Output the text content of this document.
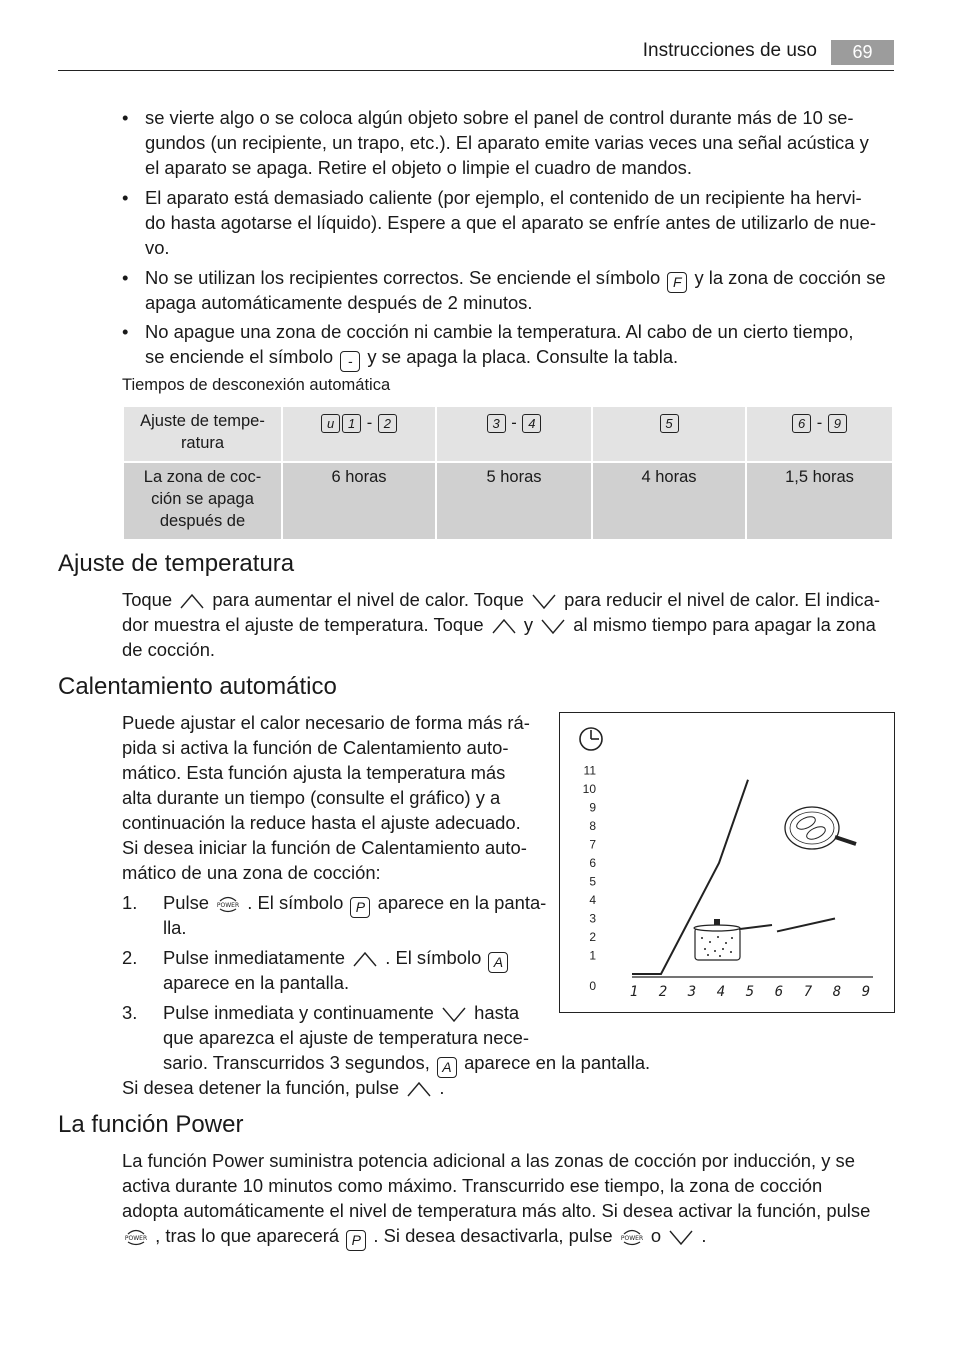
Instrucciones de uso	69
• se vierte algo o se coloca algún objeto sobre el panel de control durante más de 10 se-
gundos (un recipiente, un trapo, etc.). El aparato emite varias veces una señal acústica y
el aparato se apaga. Retire el objeto o limpie el cuadro de mandos.
• El aparato está demasiado caliente (por ejemplo, el contenido de un recipiente ha hervi-
do hasta agotarse el líquido). Espere a que el aparato se enfríe antes de utilizarlo de nue-
vo.
• No se utilizan los recipientes correctos. Se enciende el símbolo F y la zona de cocción se
apaga automáticamente después de 2 minutos.
• No apague una zona de cocción ni cambie la temperatura. Al cabo de un cierto tiempo,
se enciende el símbolo - y se apaga la placa. Consulte la tabla.
Tiempos de desconexión automática
Ajuste de tempe-
ratura	u 1 - 2	3 - 4	5	6 - 9

La zona de coc-
ción se apaga
después de	6 horas	5 horas	4 horas	1,5 horas
Ajuste de temperatura
Toque para aumentar el nivel de calor. Toque para reducir el nivel de calor. El indica-
dor muestra el ajuste de temperatura. Toque y al mismo tiempo para apagar la zona
de cocción.
Calentamiento automático
Puede ajustar el calor necesario de forma más rá-
pida si activa la función de Calentamiento auto-
mático. Esta función ajusta la temperatura más
alta durante un tiempo (consulte el gráfico) y a
continuación la reduce hasta el ajuste adecuado.
Si desea iniciar la función de Calentamiento auto-
mático de una zona de cocción:
1. Pulse POWER . El símbolo P aparece en la panta-
lla.
2. Pulse inmediatamente . El símbolo A
aparece en la pantalla.
3. Pulse inmediata y continuamente hasta
que aparezca el ajuste de temperatura nece-
sario. Transcurridos 3 segundos, A aparece en la pantalla.
Si desea detener la función, pulse .
0
1
2
3
4
5
6
7
8
9
10
11
1 2 3 4 5 6 7 8 9
La función Power
La función Power suministra potencia adicional a las zonas de cocción por inducción, y se
activa durante 10 minutos como máximo. Transcurrido ese tiempo, la zona de cocción
adopta automáticamente el nivel de temperatura más alto. Si desea activar la función, pulse
POWER , tras lo que aparecerá P . Si desea desactivarla, pulse POWER o .
